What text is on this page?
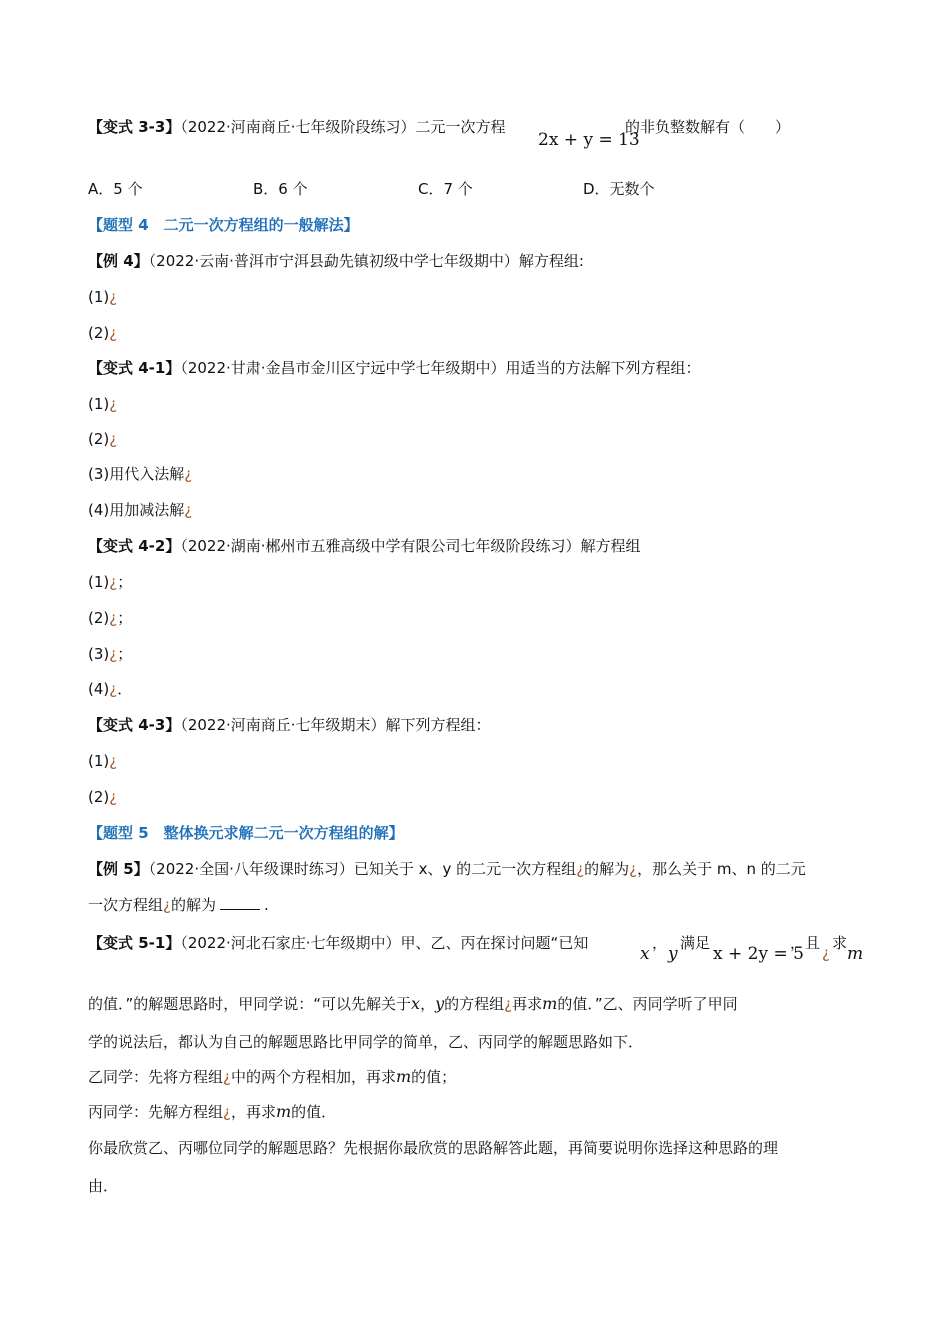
【变式 3-3】（2022·河南商丘·七年级阶段练习）二元一次方程
2x + y = 13
的非负整数解有（　　）
A．5 个	B．6 个	C．7 个	D．无数个
【题型 4　二元一次方程组的一般解法】
【例 4】（2022·云南·普洱市宁洱县勐先镇初级中学七年级期中）解方程组:
(1)¿
(2)¿
【变式 4-1】（2022·甘肃·金昌市金川区宁远中学七年级期中）用适当的方法解下列方程组：
(1)¿
(2)¿
(3)用代入法解¿
(4)用加减法解¿
【变式 4-2】（2022·湖南·郴州市五雅高级中学有限公司七年级阶段练习）解方程组
(1)¿；
(2)¿；
(3)¿；
(4)¿．
【变式 4-3】（2022·河南商丘·七年级期末）解下列方程组：
(1)¿
(2)¿
【题型 5　整体换元求解二元一次方程组的解】
【例 5】（2022·全国·八年级课时练习）已知关于 x、y 的二元一次方程组¿的解为¿，那么关于 m、n 的二元
一次方程组¿的解为	.
【变式 5-1】（2022·河北石家庄·七年级期中）甲、乙、丙在探讨问题“已知
x
，
y
满足
x + 2y = 5
，且
¿
求
m
的值．”的解题思路时，甲同学说：“可以先解关于x，y的方程组¿再求m的值．”乙、丙同学听了甲同
学的说法后，都认为自己的解题思路比甲同学的简单，乙、丙同学的解题思路如下．
乙同学：先将方程组¿中的两个方程相加，再求m的值；
丙同学：先解方程组¿，再求m的值．
你最欣赏乙、丙哪位同学的解题思路？先根据你最欣赏的思路解答此题，再简要说明你选择这种思路的理
由．
